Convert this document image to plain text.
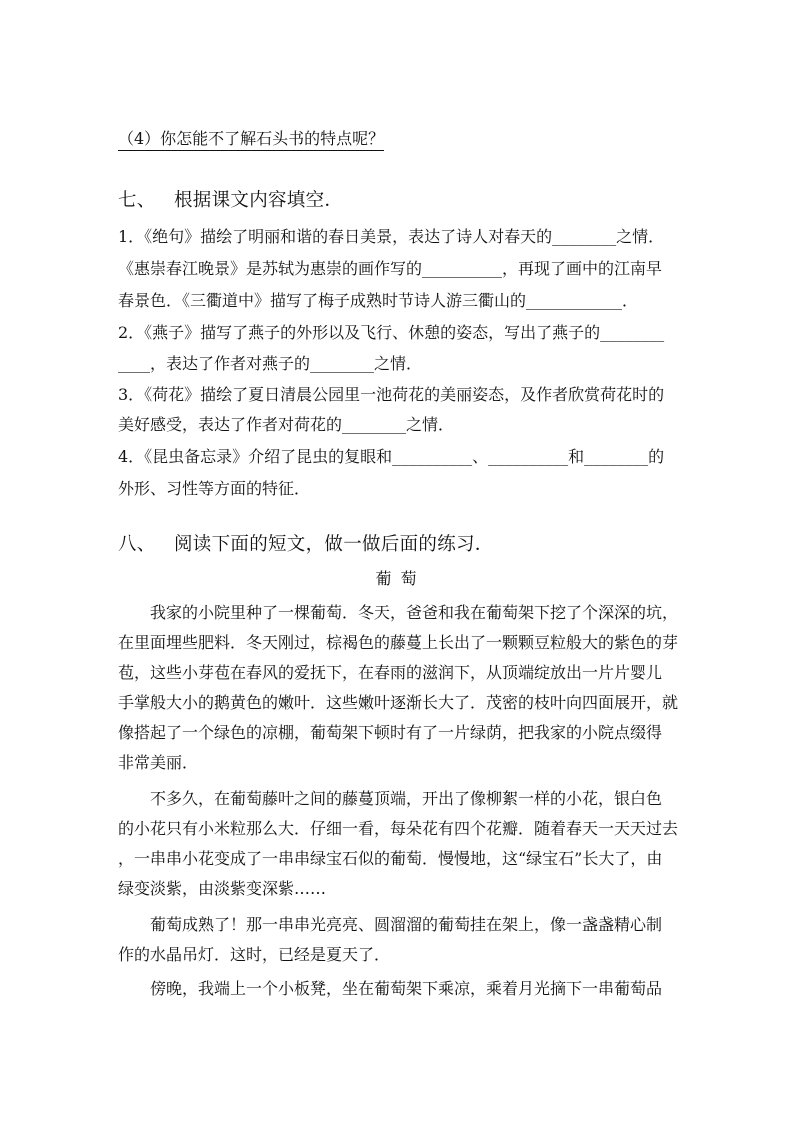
（4）你怎能不了解石头书的特点呢？
七、 根据课文内容填空．
1．《绝句》描绘了明丽和谐的春日美景，表达了诗人对春天的________之情．
《惠崇春江晚景》是苏轼为惠崇的画作写的__________，再现了画中的江南早
春景色．《三衢道中》描写了梅子成熟时节诗人游三衢山的____________．
2．《燕子》描写了燕子的外形以及飞行、休憩的姿态，写出了燕子的________
____，表达了作者对燕子的________之情．
3．《荷花》描绘了夏日清晨公园里一池荷花的美丽姿态，及作者欣赏荷花时的
美好感受，表达了作者对荷花的________之情．
4．《昆虫备忘录》介绍了昆虫的复眼和__________、__________和________的
外形、习性等方面的特征．
八、 阅读下面的短文，做一做后面的练习．
葡 萄
我家的小院里种了一棵葡萄．冬天，爸爸和我在葡萄架下挖了个深深的坑，
在里面埋些肥料．冬天刚过，棕褐色的藤蔓上长出了一颗颗豆粒般大的紫色的芽
苞，这些小芽苞在春风的爱抚下，在春雨的滋润下，从顶端绽放出一片片婴儿
手掌般大小的鹅黄色的嫩叶．这些嫩叶逐渐长大了．茂密的枝叶向四面展开，就
像搭起了一个绿色的凉棚，葡萄架下顿时有了一片绿荫，把我家的小院点缀得
非常美丽．
不多久，在葡萄藤叶之间的藤蔓顶端，开出了像柳絮一样的小花，银白色
的小花只有小米粒那么大．仔细一看，每朵花有四个花瓣．随着春天一天天过去
，一串串小花变成了一串串绿宝石似的葡萄．慢慢地，这“绿宝石”长大了，由
绿变淡紫，由淡紫变深紫……
葡萄成熟了！那一串串光亮亮、圆溜溜的葡萄挂在架上，像一盏盏精心制
作的水晶吊灯．这时，已经是夏天了．
傍晚，我端上一个小板凳，坐在葡萄架下乘凉，乘着月光摘下一串葡萄品
